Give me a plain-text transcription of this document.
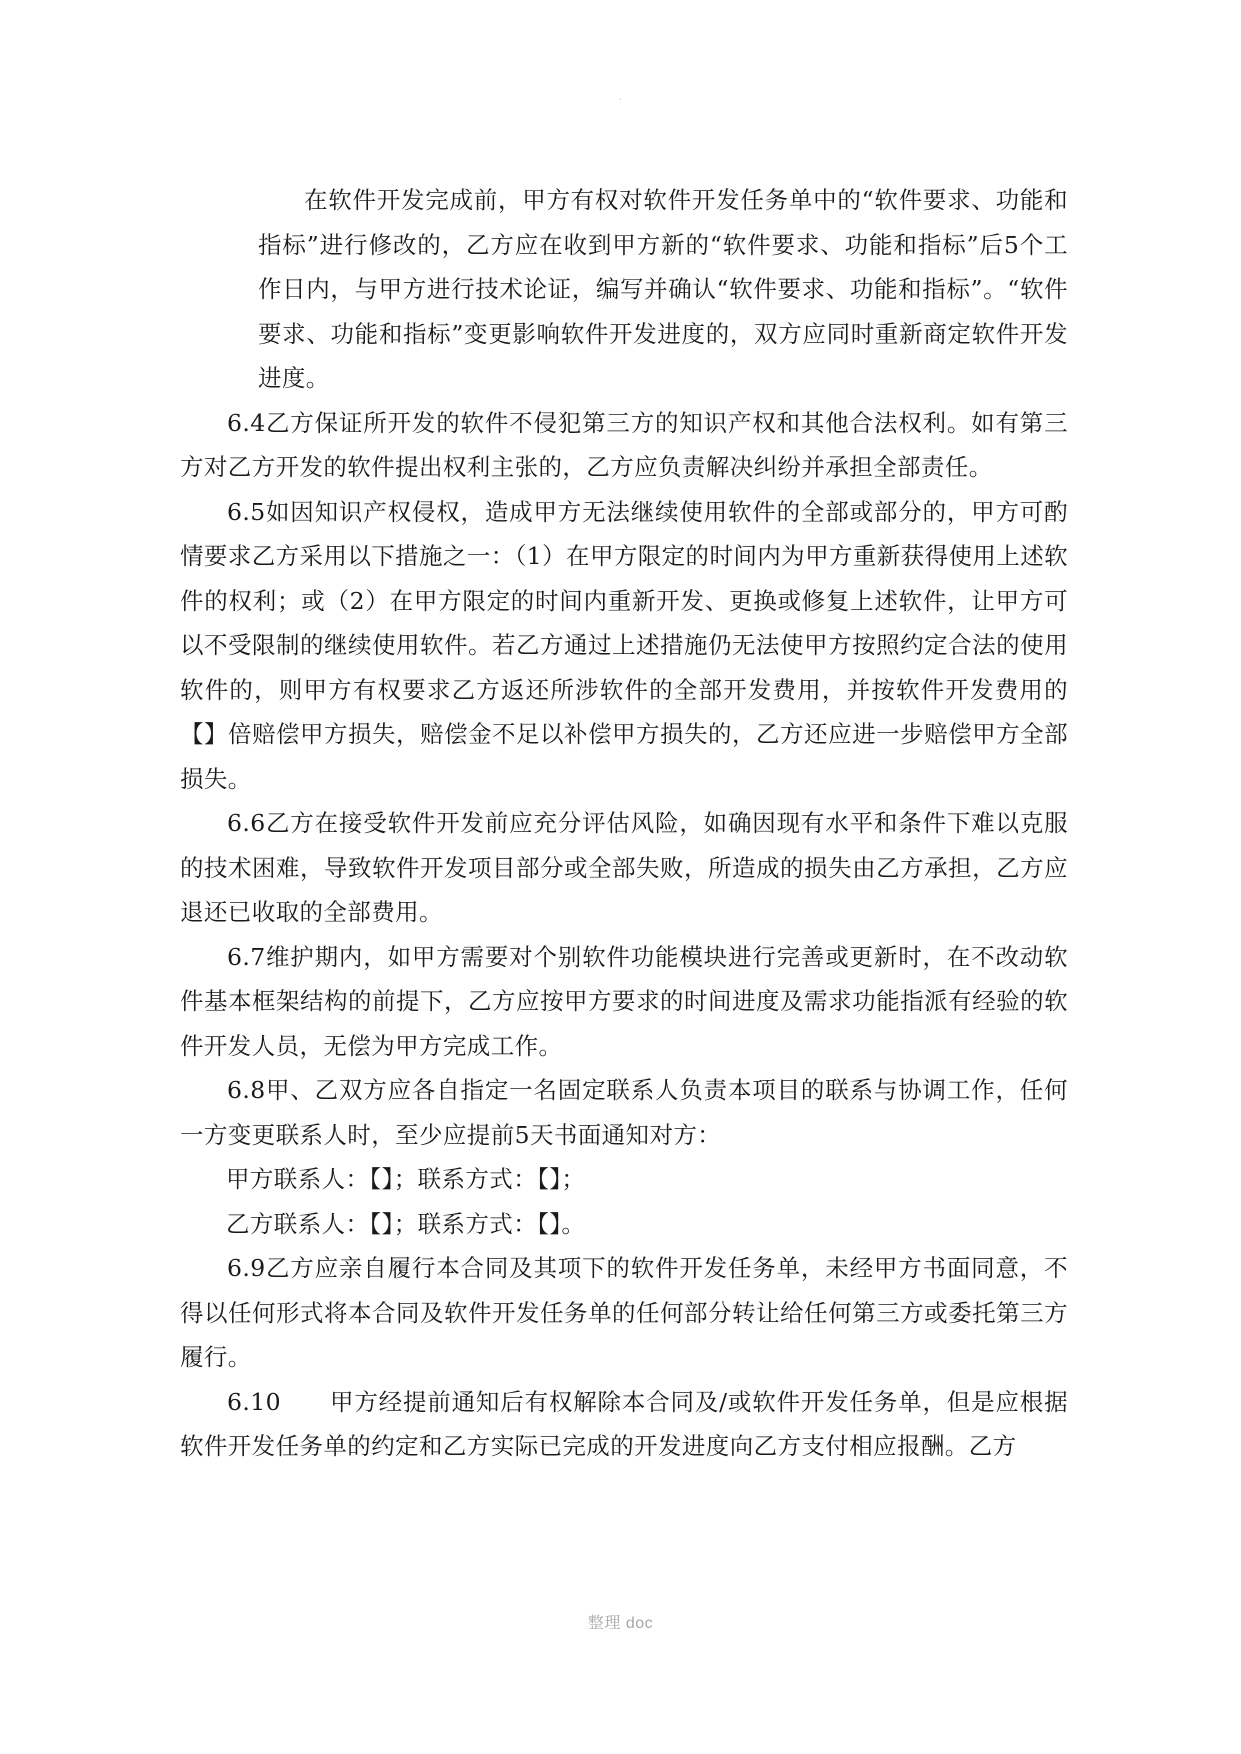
.

在软件开发完成前，甲方有权对软件开发任务单中的“软件要求、功能和指标”进行修改的，乙方应在收到甲方新的“软件要求、功能和指标”后5个工作日内，与甲方进行技术论证，编写并确认“软件要求、功能和指标”。“软件要求、功能和指标”变更影响软件开发进度的，双方应同时重新商定软件开发进度。

6.4乙方保证所开发的软件不侵犯第三方的知识产权和其他合法权利。如有第三方对乙方开发的软件提出权利主张的，乙方应负责解决纠纷并承担全部责任。

6.5如因知识产权侵权，造成甲方无法继续使用软件的全部或部分的，甲方可酌情要求乙方采用以下措施之一：（1）在甲方限定的时间内为甲方重新获得使用上述软件的权利；或（2）在甲方限定的时间内重新开发、更换或修复上述软件，让甲方可以不受限制的继续使用软件。若乙方通过上述措施仍无法使甲方按照约定合法的使用软件的，则甲方有权要求乙方返还所涉软件的全部开发费用，并按软件开发费用的【】倍赔偿甲方损失，赔偿金不足以补偿甲方损失的，乙方还应进一步赔偿甲方全部损失。

6.6乙方在接受软件开发前应充分评估风险，如确因现有水平和条件下难以克服的技术困难，导致软件开发项目部分或全部失败，所造成的损失由乙方承担，乙方应退还已收取的全部费用。

6.7维护期内，如甲方需要对个别软件功能模块进行完善或更新时，在不改动软件基本框架结构的前提下，乙方应按甲方要求的时间进度及需求功能指派有经验的软件开发人员，无偿为甲方完成工作。

6.8甲、乙双方应各自指定一名固定联系人负责本项目的联系与协调工作，任何一方变更联系人时，至少应提前5天书面通知对方：

甲方联系人：【】；联系方式：【】；

乙方联系人：【】；联系方式：【】。

6.9乙方应亲自履行本合同及其项下的软件开发任务单，未经甲方书面同意，不得以任何形式将本合同及软件开发任务单的任何部分转让给任何第三方或委托第三方履行。

6.10　　甲方经提前通知后有权解除本合同及/或软件开发任务单，但是应根据软件开发任务单的约定和乙方实际已完成的开发进度向乙方支付相应报酬。乙方

整理 doc
